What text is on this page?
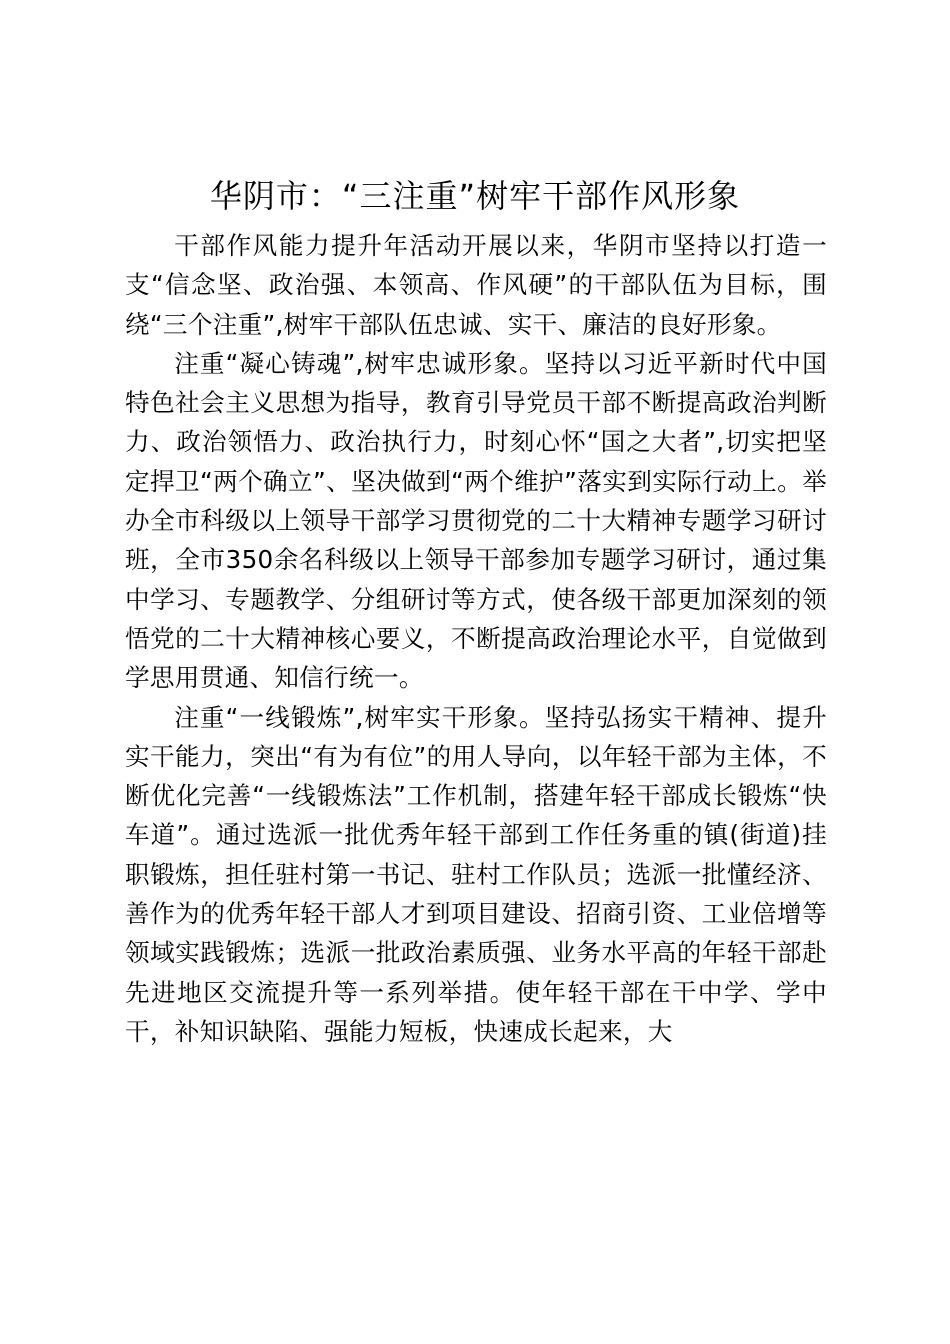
华阴市：“三注重”树牢干部作风形象

干部作风能力提升年活动开展以来，华阴市坚持以打造一支“信念坚、政治强、本领高、作风硬”的干部队伍为目标，围绕“三个注重”,树牢干部队伍忠诚、实干、廉洁的良好形象。

注重“凝心铸魂”,树牢忠诚形象。坚持以习近平新时代中国特色社会主义思想为指导，教育引导党员干部不断提高政治判断力、政治领悟力、政治执行力，时刻心怀“国之大者”,切实把坚定捍卫“两个确立”、坚决做到“两个维护”落实到实际行动上。举办全市科级以上领导干部学习贯彻党的二十大精神专题学习研讨班，全市350余名科级以上领导干部参加专题学习研讨，通过集中学习、专题教学、分组研讨等方式，使各级干部更加深刻的领悟党的二十大精神核心要义，不断提高政治理论水平，自觉做到学思用贯通、知信行统一。

注重“一线锻炼”,树牢实干形象。坚持弘扬实干精神、提升实干能力，突出“有为有位”的用人导向，以年轻干部为主体，不断优化完善“一线锻炼法”工作机制，搭建年轻干部成长锻炼“快车道”。通过选派一批优秀年轻干部到工作任务重的镇(街道)挂职锻炼，担任驻村第一书记、驻村工作队员；选派一批懂经济、善作为的优秀年轻干部人才到项目建设、招商引资、工业倍增等领域实践锻炼；选派一批政治素质强、业务水平高的年轻干部赴先进地区交流提升等一系列举措。使年轻干部在干中学、学中干，补知识缺陷、强能力短板，快速成长起来，大
